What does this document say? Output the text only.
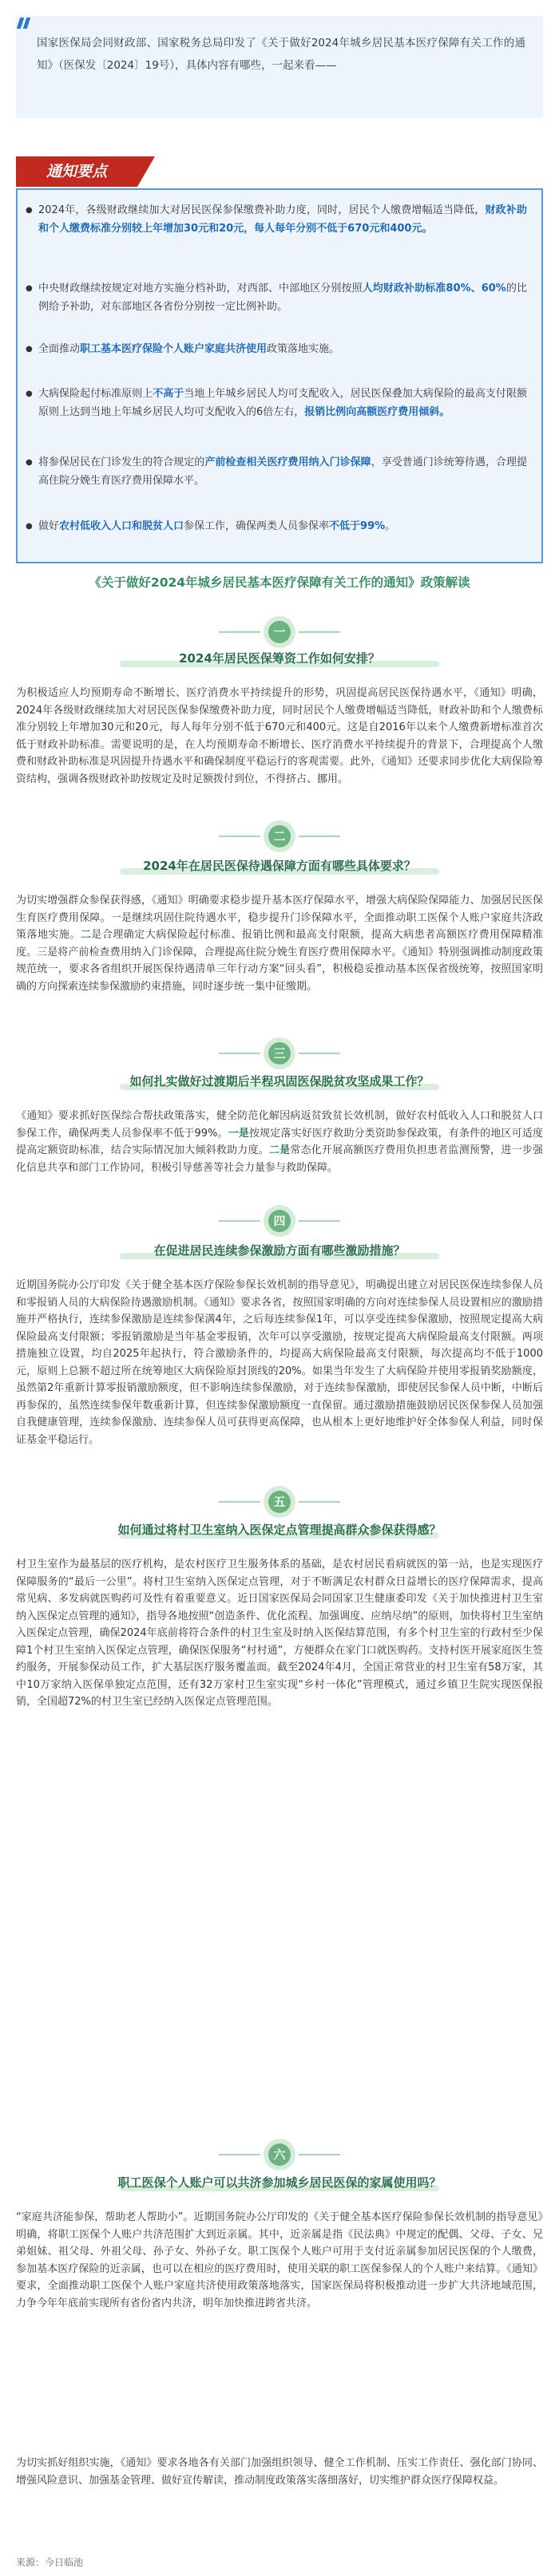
国家医保局会同财政部、国家税务总局印发了《关于做好2024年城乡居民基本医疗保障有关工作的通知》（医保发〔2024〕19号），具体内容有哪些，一起来看——

● 2024年，各级财政继续加大对居民医保参保缴费补助力度，同时，居民个人缴费增幅适当降低，财政补助和个人缴费标准分别较上年增加30元和20元，每人每年分别不低于670元和400元。
● 中央财政继续按规定对地方实施分档补助，对西部、中部地区分别按照人均财政补助标准80%、60%的比例给予补助，对东部地区各省份分别按一定比例补助。
● 全面推动职工基本医疗保险个人账户家庭共济使用政策落地实施。
● 大病保险起付标准原则上不高于当地上年城乡居民人均可支配收入，居民医保叠加大病保险的最高支付限额原则上达到当地上年城乡居民人均可支配收入的6倍左右，报销比例向高额医疗费用倾斜。
● 将参保居民在门诊发生的符合规定的产前检查相关医疗费用纳入门诊保障，享受普通门诊统筹待遇，合理提高住院分娩生育医疗费用保障水平。
● 做好农村低收入人口和脱贫人口参保工作，确保两类人员参保率不低于99%。
通知要点
《关于做好2024年城乡居民基本医疗保障有关工作的通知》政策解读
一
2024年居民医保筹资工作如何安排？
为积极适应人均预期寿命不断增长、医疗消费水平持续提升的形势，巩固提高居民医保待遇水平，《通知》明确，2024年各级财政继续加大对居民医保参保缴费补助力度，同时居民个人缴费增幅适当降低，财政补助和个人缴费标准分别较上年增加30元和20元，每人每年分别不低于670元和400元。这是自2016年以来个人缴费新增标准首次低于财政补助标准。需要说明的是，在人均预期寿命不断增长、医疗消费水平持续提升的背景下，合理提高个人缴费和财政补助标准是巩固提升待遇水平和确保制度平稳运行的客观需要。此外，《通知》还要求同步优化大病保险筹资结构，强调各级财政补助按规定及时足额拨付到位，不得挤占、挪用。
二
2024年在居民医保待遇保障方面有哪些具体要求？
为切实增强群众参保获得感，《通知》明确要求稳步提升基本医疗保障水平，增强大病保险保障能力、加强居民医保生育医疗费用保障。一是继续巩固住院待遇水平，稳步提升门诊保障水平，全面推动职工医保个人账户家庭共济政策落地实施。二是合理确定大病保险起付标准、报销比例和最高支付限额，提高大病患者高额医疗费用保障精准度。三是将产前检查费用纳入门诊保障，合理提高住院分娩生育医疗费用保障水平。《通知》特别强调推动制度政策规范统一，要求各省组织开展医保待遇清单三年行动方案“回头看”，积极稳妥推动基本医保省级统筹，按照国家明确的方向探索连续参保激励约束措施，同时逐步统一集中征缴期。
三
如何扎实做好过渡期后半程巩固医保脱贫攻坚成果工作？
《通知》要求抓好医保综合帮扶政策落实，健全防范化解因病返贫致贫长效机制，做好农村低收入人口和脱贫人口参保工作，确保两类人员参保率不低于99%。一是按规定落实好医疗救助分类资助参保政策，有条件的地区可适度提高定额资助标准，结合实际情况加大倾斜救助力度。二是常态化开展高额医疗费用负担患者监测预警，进一步强化信息共享和部门工作协同，积极引导慈善等社会力量参与救助保障。
四
在促进居民连续参保激励方面有哪些激励措施？
近期国务院办公厅印发《关于健全基本医疗保险参保长效机制的指导意见》，明确提出建立对居民医保连续参保人员和零报销人员的大病保险待遇激励机制。《通知》要求各省，按照国家明确的方向对连续参保人员设置相应的激励措施并严格执行，连续参保激励是连续参保满4年，之后每连续参保1年，可以享受连续参保激励，按照规定提高大病保险最高支付限额；零报销激励是当年基金零报销，次年可以享受激励，按规定提高大病保险最高支付限额。两项措施独立设置，均自2025年起执行，符合激励条件的，均提高大病保险最高支付限额，每次提高均不低于1000元，原则上总额不超过所在统筹地区大病保险原封顶线的20%。如果当年发生了大病保险并使用零报销奖励额度，虽然第2年重新计算零报销激励额度，但不影响连续参保激励，对于连续参保激励，即使居民参保人员中断，中断后再参保的，虽然连续参保年数重新计算，但连续参保激励额度一直保留。通过激励措施鼓励居民医保参保人员加强自我健康管理，连续参保激励、连续参保人员可获得更高保障，也从根本上更好地维护好全体参保人利益，同时保证基金平稳运行。
五
如何通过将村卫生室纳入医保定点管理提高群众参保获得感？
村卫生室作为最基层的医疗机构，是农村医疗卫生服务体系的基础，是农村居民看病就医的第一站，也是实现医疗保障服务的“最后一公里”。将村卫生室纳入医保定点管理，对于不断满足农村群众日益增长的医疗保障需求，提高常见病、多发病就医购药可及性有着重要意义。近日国家医保局会同国家卫生健康委印发《关于加快推进村卫生室纳入医保定点管理的通知》，指导各地按照“创造条件、优化流程、加强调度、应纳尽纳”的原则，加快将村卫生室纳入医保定点管理，确保2024年底前将符合条件的村卫生室及时纳入医保结算范围，有多个村卫生室的行政村至少保障1个村卫生室纳入医保定点管理，确保医保服务“村村通”，方便群众在家门口就医购药。支持村医开展家庭医生签约服务，开展参保动员工作，扩大基层医疗服务覆盖面。截至2024年4月，全国正常营业的村卫生室有58万家，其中10万家纳入医保单独定点范围，还有32万家村卫生室实现“乡村一体化”管理模式，通过乡镇卫生院实现医保报销，全国超72%的村卫生室已经纳入医保定点管理范围。
六
职工医保个人账户可以共济参加城乡居民医保的家属使用吗？
“家庭共济能参保，帮助老人帮助小”。近期国务院办公厅印发的《关于健全基本医疗保险参保长效机制的指导意见》明确，将职工医保个人账户共济范围扩大到近亲属。其中，近亲属是指《民法典》中规定的配偶、父母、子女、兄弟姐妹、祖父母、外祖父母、孙子女、外孙子女。职工医保个人账户可用于支付近亲属参加居民医保的个人缴费，参加基本医疗保险的近亲属，也可以在相应的医疗费用时，使用关联的职工医保参保人的个人账户来结算。《通知》要求，全面推动职工医保个人账户家庭共济使用政策落地落实，国家医保局将积极推动进一步扩大共济地域范围，力争今年年底前实现所有省份省内共济，明年加快推进跨省共济。
为切实抓好组织实施，《通知》要求各地各有关部门加强组织领导、健全工作机制、压实工作责任、强化部门协同、增强风险意识、加强基金管理、做好宣传解读，推动制度政策落实落细落好，切实维护群众医疗保障权益。
来源：今日临池
